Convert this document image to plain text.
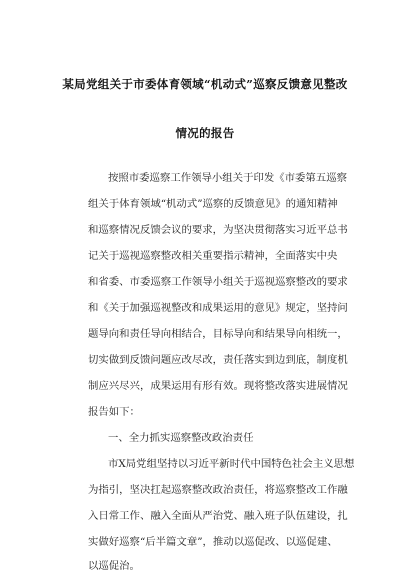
某局党组关于市委体育领域“机动式”巡察反馈意见整改
情况的报告
按照市委巡察工作领导小组关于印发《市委第五巡察
组关于体育领域“机动式”巡察的反馈意见》的通知精神
和巡察情况反馈会议的要求，为坚决贯彻落实习近平总书
记关于巡视巡察整改相关重要指示精神，全面落实中央
和省委、市委巡察工作领导小组关于巡视巡察整改的要求
和《关于加强巡视整改和成果运用的意见》规定，坚持问
题导向和责任导向相结合，目标导向和结果导向相统一，
切实做到反馈问题应改尽改，责任落实到边到底，制度机
制应兴尽兴，成果运用有形有效。现将整改落实进展情况
报告如下：
一、全力抓实巡察整改政治责任
市X局党组坚持以习近平新时代中国特色社会主义思想
为指引，坚决扛起巡察整改政治责任，将巡察整改工作融
入日常工作、融入全面从严治党、融入班子队伍建设，扎
实做好巡察“后半篇文章”，推动以巡促改、以巡促建、
以巡促治。
